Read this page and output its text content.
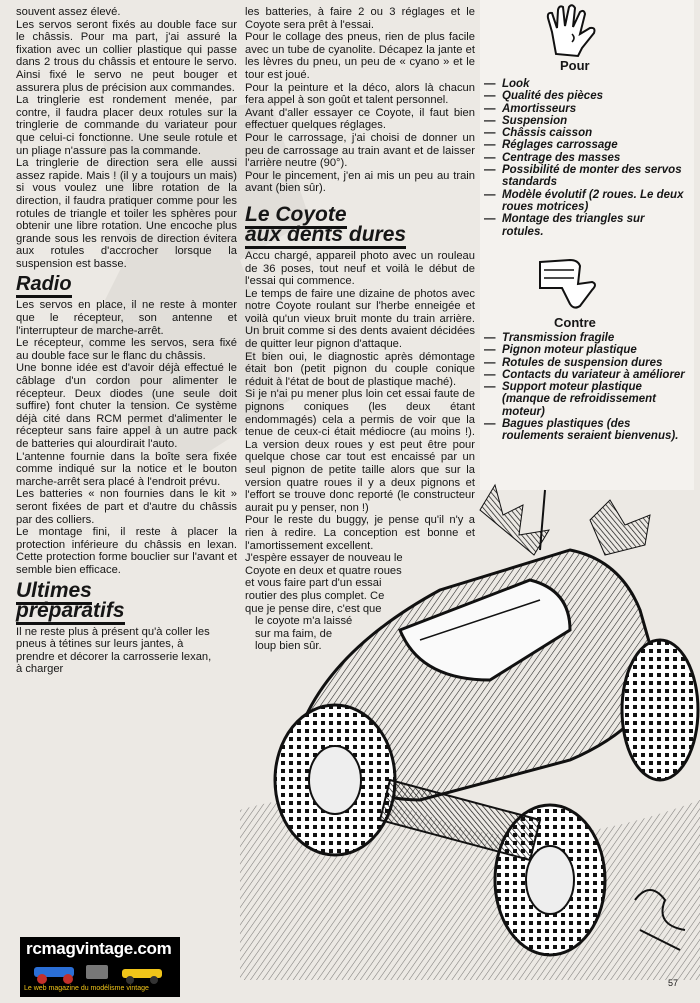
souvent assez élevé.

Les servos seront fixés au double face sur le châssis. Pour ma part, j'ai assuré la fixation avec un collier plastique qui passe dans 2 trous du châssis et entoure le servo. Ainsi fixé le servo ne peut bouger et assurera plus de précision aux commandes.

La tringlerie est rondement menée, par contre, il faudra placer deux rotules sur la tringlerie de commande du variateur pour que celui-ci fonctionne. Une seule rotule et un pliage n'assure pas la commande.

La tringlerie de direction sera elle aussi assez rapide. Mais ! (il y a toujours un mais) si vous voulez une libre rotation de la direction, il faudra pratiquer comme pour les rotules de triangle et toiler les sphères pour obtenir une libre rotation. Une encoche plus grande sous les renvois de direction évitera aux rotules d'accrocher lorsque la suspension est basse.

Radio

Les servos en place, il ne reste à monter que le récepteur, son antenne et l'interrupteur de marche-arrêt.

Le récepteur, comme les servos, sera fixé au double face sur le flanc du châssis.

Une bonne idée est d'avoir déjà effectué le câblage d'un cordon pour alimenter le récepteur. Deux diodes (une seule doit suffire) font chuter la tension. Ce système déjà cité dans RCM permet d'alimenter le récepteur sans faire appel à un autre pack de batteries qui alourdirait l'auto.

L'antenne fournie dans la boîte sera fixée comme indiqué sur la notice et le bouton marche-arrêt sera placé à l'endroit prévu.

Les batteries « non fournies dans le kit » seront fixées de part et d'autre du châssis par des colliers.

Le montage fini, il reste à placer la protection inférieure du châssis en lexan. Cette protection forme bouclier sur l'avant et semble bien efficace.

Ultimes
préparatifs

Il ne reste plus à présent qu'à coller les pneus à tétines sur leurs jantes, à prendre et décorer la carrosserie lexan, à charger

les batteries, à faire 2 ou 3 réglages et le Coyote sera prêt à l'essai.

Pour le collage des pneus, rien de plus facile avec un tube de cyanolite. Décapez la jante et les lèvres du pneu, un peu de « cyano » et le tour est joué.

Pour la peinture et la déco, alors là chacun fera appel à son goût et talent personnel.

Avant d'aller essayer ce Coyote, il faut bien effectuer quelques réglages.

Pour le carrossage, j'ai choisi de donner un peu de carrossage au train avant et de laisser l'arrière neutre (90°).

Pour le pincement, j'en ai mis un peu au train avant (bien sûr).

Le Coyote
aux dents dures

Accu chargé, appareil photo avec un rouleau de 36 poses, tout neuf et voilà le début de l'essai qui commence.

Le temps de faire une dizaine de photos avec notre Coyote roulant sur l'herbe enneigée et voilà qu'un vieux bruit monte du train arrière. Un bruit comme si des dents avaient décidées de quitter leur pignon d'attaque.

Et bien oui, le diagnostic après démontage était bon (petit pignon du couple conique réduit à l'état de bout de plastique maché).

Si je n'ai pu mener plus loin cet essai faute de pignons coniques (les deux étant endommagés) cela a permis de voir que la tenue de ceux-ci était médiocre (au moins !). La version deux roues y est peut être pour quelque chose car tout est encaissé par un seul pignon de petite taille alors que sur la version quatre roues il y a deux pignons et l'effort se trouve donc reporté (le constructeur aurait pu y penser, non !)

Pour le reste du buggy, je pense qu'il n'y a rien à redire. La conception est bonne et l'amortissement excellent.

J'espère essayer de nouveau le

Coyote en deux et quatre roues

et vous faire part d'un essai

routier des plus complet. Ce

que je pense dire, c'est que

le coyote m'a laissé

sur ma faim, de

loup bien sûr.

Pour

— Look
— Qualité des pièces
— Amortisseurs
— Suspension
— Châssis caisson
— Réglages carrossage
— Centrage des masses
— Possibilité de monter des servos standards
— Modèle évolutif (2 roues. Le deux roues motrices)
— Montage des triangles sur rotules.

Contre

— Transmission fragile
— Pignon moteur plastique
— Rotules de suspension dures
— Contacts du variateur à améliorer
— Support moteur plastique (manque de refroidissement moteur)
— Bagues plastiques (des roulements seraient bienvenus).
rcmagvintage.com
Le web magazine du modélisme vintage
57
